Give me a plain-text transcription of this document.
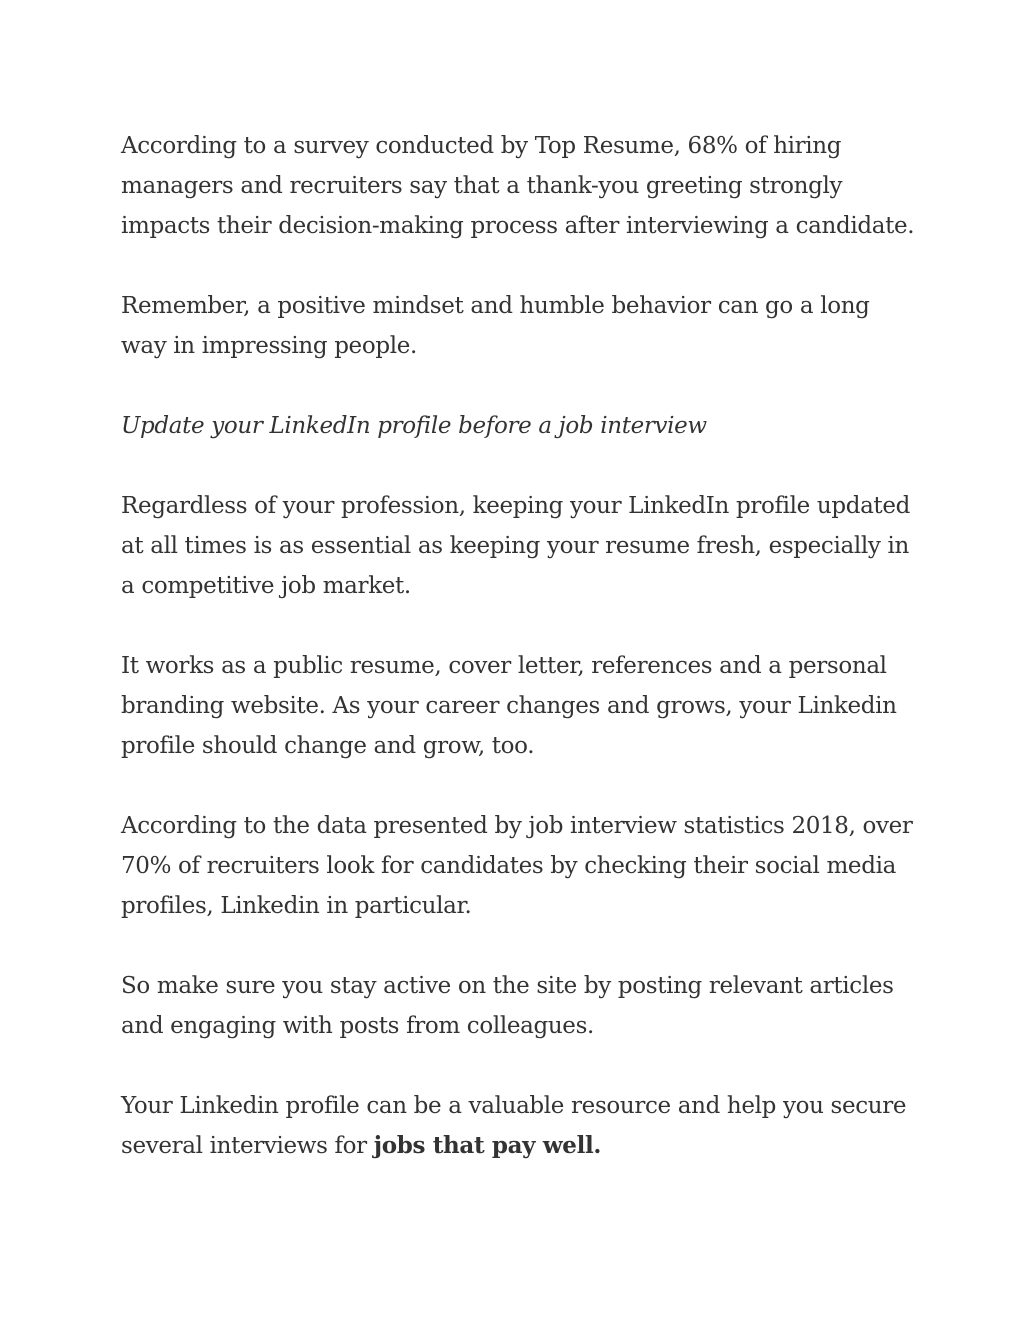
According to a survey conducted by Top Resume, 68% of hiring managers and recruiters say that a thank-you greeting strongly impacts their decision-making process after interviewing a candidate.

Remember, a positive mindset and humble behavior can go a long way in impressing people.

Update your LinkedIn profile before a job interview

Regardless of your profession, keeping your LinkedIn profile updated at all times is as essential as keeping your resume fresh, especially in a competitive job market.

It works as a public resume, cover letter, references and a personal branding website. As your career changes and grows, your Linkedin profile should change and grow, too.

According to the data presented by job interview statistics 2018, over 70% of recruiters look for candidates by checking their social media profiles, Linkedin in particular.

So make sure you stay active on the site by posting relevant articles and engaging with posts from colleagues.

Your Linkedin profile can be a valuable resource and help you secure several interviews for jobs that pay well.
